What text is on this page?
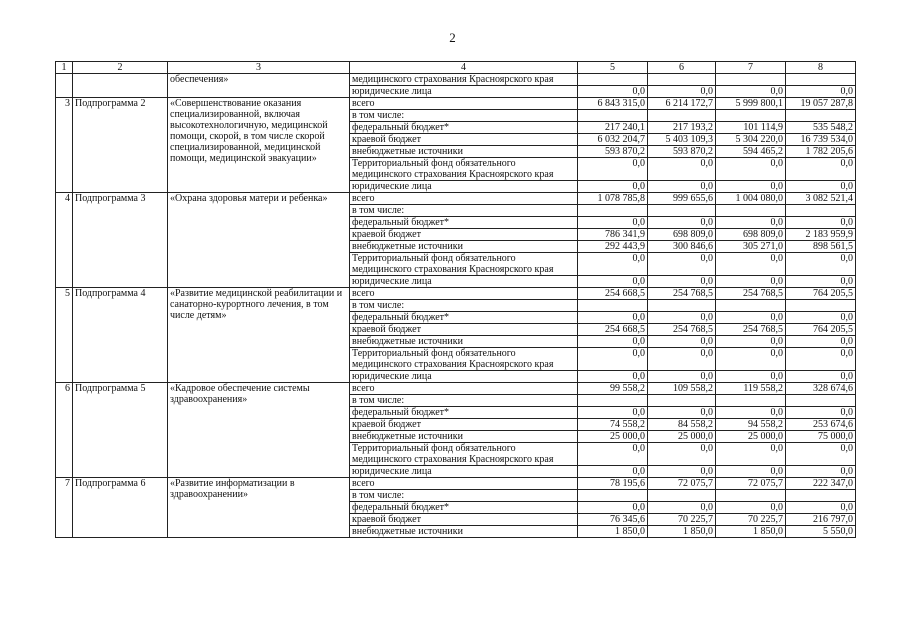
2
1	2	3	4	5	6	7	8
		обеспечения»	медицинского страхования Красноярского края				
			юридические лица	0,0	0,0	0,0	0,0
3	Подпрограмма 2	«Совершенствование оказания специализированной, включая высокотехнологичную, медицинской помощи, скорой, в том числе скорой специализированной, медицинской помощи, медицинской эвакуации»	всего	6 843 315,0	6 214 172,7	5 999 800,1	19 057 287,8
			в том числе:				
			федеральный бюджет*	217 240,1	217 193,2	101 114,9	535 548,2
			краевой бюджет	6 032 204,7	5 403 109,3	5 304 220,0	16 739 534,0
			внебюджетные источники	593 870,2	593 870,2	594 465,2	1 782 205,6
			Территориальный фонд обязательного медицинского страхования Красноярского края	0,0	0,0	0,0	0,0
			юридические лица	0,0	0,0	0,0	0,0
4	Подпрограмма 3	«Охрана здоровья матери и ребенка»	всего	1 078 785,8	999 655,6	1 004 080,0	3 082 521,4
			в том числе:				
			федеральный бюджет*	0,0	0,0	0,0	0,0
			краевой бюджет	786 341,9	698 809,0	698 809,0	2 183 959,9
			внебюджетные источники	292 443,9	300 846,6	305 271,0	898 561,5
			Территориальный фонд обязательного медицинского страхования Красноярского края	0,0	0,0	0,0	0,0
			юридические лица	0,0	0,0	0,0	0,0
5	Подпрограмма 4	«Развитие медицинской реабилитации и санаторно-курортного лечения, в том числе детям»	всего	254 668,5	254 768,5	254 768,5	764 205,5
			в том числе:				
			федеральный бюджет*	0,0	0,0	0,0	0,0
			краевой бюджет	254 668,5	254 768,5	254 768,5	764 205,5
			внебюджетные источники	0,0	0,0	0,0	0,0
			Территориальный фонд обязательного медицинского страхования Красноярского края	0,0	0,0	0,0	0,0
			юридические лица	0,0	0,0	0,0	0,0
6	Подпрограмма 5	«Кадровое обеспечение системы здравоохранения»	всего	99 558,2	109 558,2	119 558,2	328 674,6
			в том числе:				
			федеральный бюджет*	0,0	0,0	0,0	0,0
			краевой бюджет	74 558,2	84 558,2	94 558,2	253 674,6
			внебюджетные источники	25 000,0	25 000,0	25 000,0	75 000,0
			Территориальный фонд обязательного медицинского страхования Красноярского края	0,0	0,0	0,0	0,0
			юридические лица	0,0	0,0	0,0	0,0
7	Подпрограмма 6	«Развитие информатизации в здравоохранении»	всего	78 195,6	72 075,7	72 075,7	222 347,0
			в том числе:				
			федеральный бюджет*	0,0	0,0	0,0	0,0
			краевой бюджет	76 345,6	70 225,7	70 225,7	216 797,0
			внебюджетные источники	1 850,0	1 850,0	1 850,0	5 550,0
